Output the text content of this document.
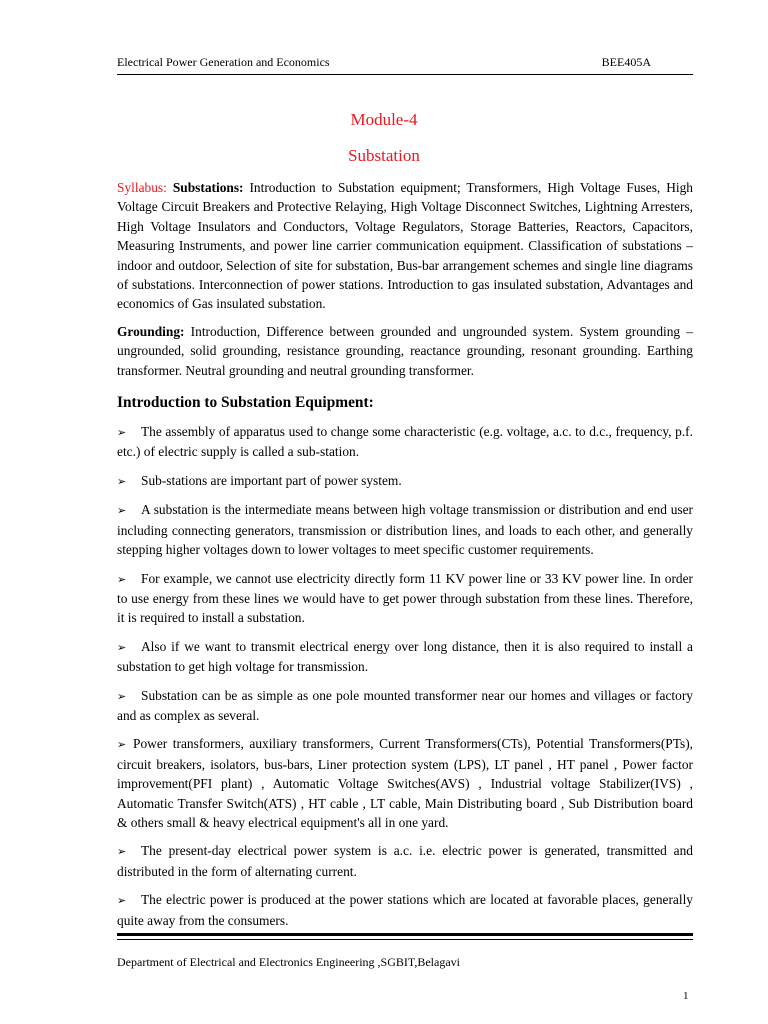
Electrical Power Generation and Economics	BEE405A
Module-4
Substation

Syllabus: Substations: Introduction to Substation equipment; Transformers, High Voltage Fuses, High Voltage Circuit Breakers and Protective Relaying, High Voltage Disconnect Switches, Lightning Arresters, High Voltage Insulators and Conductors, Voltage Regulators, Storage Batteries, Reactors, Capacitors, Measuring Instruments, and power line carrier communication equipment. Classification of substations – indoor and outdoor, Selection of site for substation, Bus-bar arrangement schemes and single line diagrams of substations. Interconnection of power stations. Introduction to gas insulated substation, Advantages and economics of Gas insulated substation.

Grounding: Introduction, Difference between grounded and ungrounded system. System grounding – ungrounded, solid grounding, resistance grounding, reactance grounding, resonant grounding. Earthing transformer. Neutral grounding and neutral grounding transformer.

Introduction to Substation Equipment:

➢ The assembly of apparatus used to change some characteristic (e.g. voltage, a.c. to d.c., frequency, p.f. etc.) of electric supply is called a sub-station.

➢ Sub-stations are important part of power system.

➢ A substation is the intermediate means between high voltage transmission or distribution and end user including connecting generators, transmission or distribution lines, and loads to each other, and generally stepping higher voltages down to lower voltages to meet specific customer requirements.

➢ For example, we cannot use electricity directly form 11 KV power line or 33 KV power line. In order to use energy from these lines we would have to get power through substation from these lines. Therefore, it is required to install a substation.

➢ Also if we want to transmit electrical energy over long distance, then it is also required to install a substation to get high voltage for transmission.

➢ Substation can be as simple as one pole mounted transformer near our homes and villages or factory and as complex as several.

➢ Power transformers, auxiliary transformers, Current Transformers(CTs), Potential Transformers(PTs), circuit breakers, isolators, bus-bars, Liner protection system (LPS), LT panel , HT panel , Power factor improvement(PFI plant) , Automatic Voltage Switches(AVS) , Industrial voltage Stabilizer(IVS) , Automatic Transfer Switch(ATS) , HT cable , LT cable, Main Distributing board , Sub Distribution board & others small & heavy electrical equipment's all in one yard.

➢ The present-day electrical power system is a.c. i.e. electric power is generated, transmitted and distributed in the form of alternating current.

➢ The electric power is produced at the power stations which are located at favorable places, generally quite away from the consumers.

Department of Electrical and Electronics Engineering ,SGBIT,Belagavi
1
